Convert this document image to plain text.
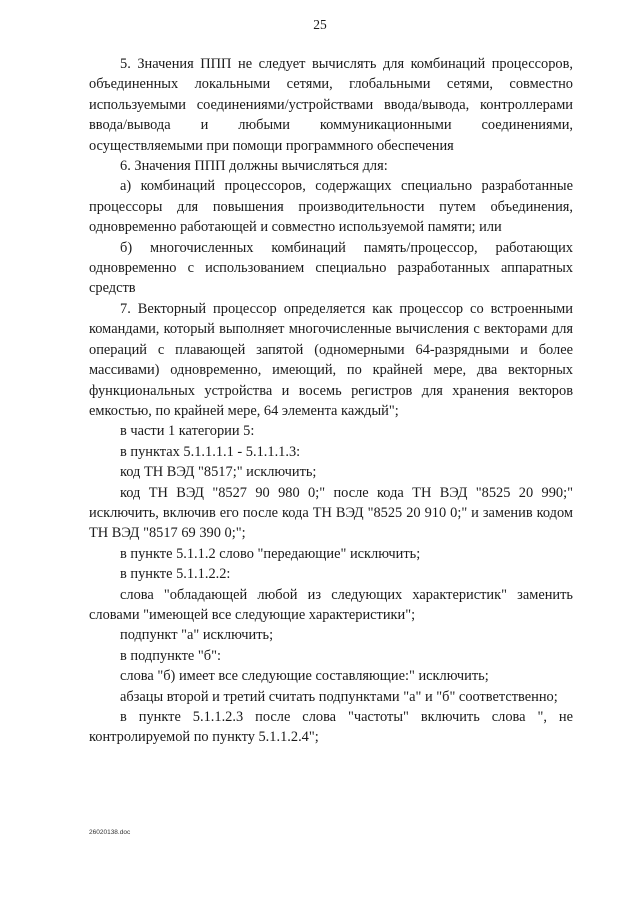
25

5. Значения ППП не следует вычислять для комбинаций процессоров, объединенных локальными сетями, глобальными сетями, совместно используемыми соединениями/устройствами ввода/вывода, контроллерами ввода/вывода и любыми коммуникационными соединениями, осуществляемыми при помощи программного обеспечения

6. Значения ППП должны вычисляться для:

а) комбинаций процессоров, содержащих специально разработанные процессоры для повышения производительности путем объединения, одновременно работающей и совместно используемой памяти; или

б) многочисленных комбинаций память/процессор, работающих одновременно с использованием специально разработанных аппаратных средств

7. Векторный процессор определяется как процессор со встроенными командами, который выполняет многочисленные вычисления с векторами для операций с плавающей запятой (одномерными 64-разрядными и более массивами) одновременно, имеющий, по крайней мере, два векторных функциональных устройства и восемь регистров для хранения векторов емкостью, по крайней мере, 64 элемента каждый";

в части 1 категории 5:

в пунктах 5.1.1.1.1 - 5.1.1.1.3:

код ТН ВЭД "8517;" исключить;

код ТН ВЭД "8527 90 980 0;" после кода ТН ВЭД "8525 20 990;" исключить, включив его после кода ТН ВЭД "8525 20 910 0;" и заменив кодом ТН ВЭД "8517 69 390 0;";

в пункте 5.1.1.2 слово "передающие" исключить;

в пункте 5.1.1.2.2:

слова "обладающей любой из следующих характеристик" заменить словами "имеющей все следующие характеристики";

подпункт "а" исключить;

в подпункте "б":

слова "б) имеет все следующие составляющие:" исключить;

абзацы второй и третий считать подпунктами "а" и "б" соответственно;

в пункте 5.1.1.2.3 после слова "частоты" включить слова ", не контролируемой по пункту 5.1.1.2.4";

26020138.doc
